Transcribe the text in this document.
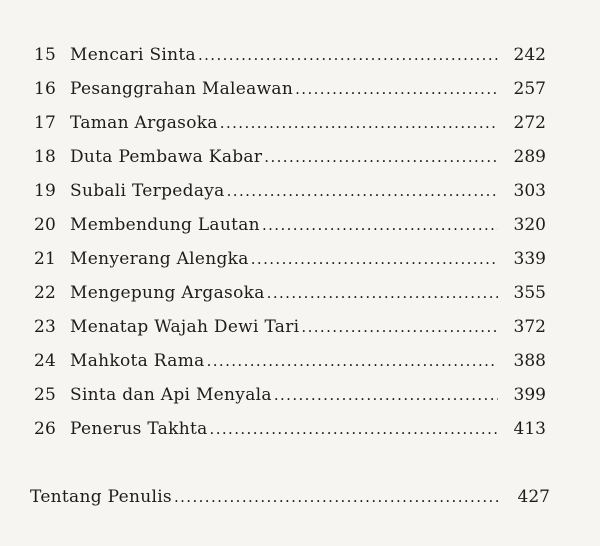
15 Mencari Sinta .....	242
16 Pesanggrahan Maleawan .....	257
17 Taman Argasoka .....	272
18 Duta Pembawa Kabar .....	289
19 Subali Terpedaya .....	303
20 Membendung Lautan .....	320
21 Menyerang Alengka .....	339
22 Mengepung Argasoka .....	355
23 Menatap Wajah Dewi Tari .....	372
24 Mahkota Rama .....	388
25 Sinta dan Api Menyala .....	399
26 Penerus Takhta .....	413
Tentang Penulis .....	427
